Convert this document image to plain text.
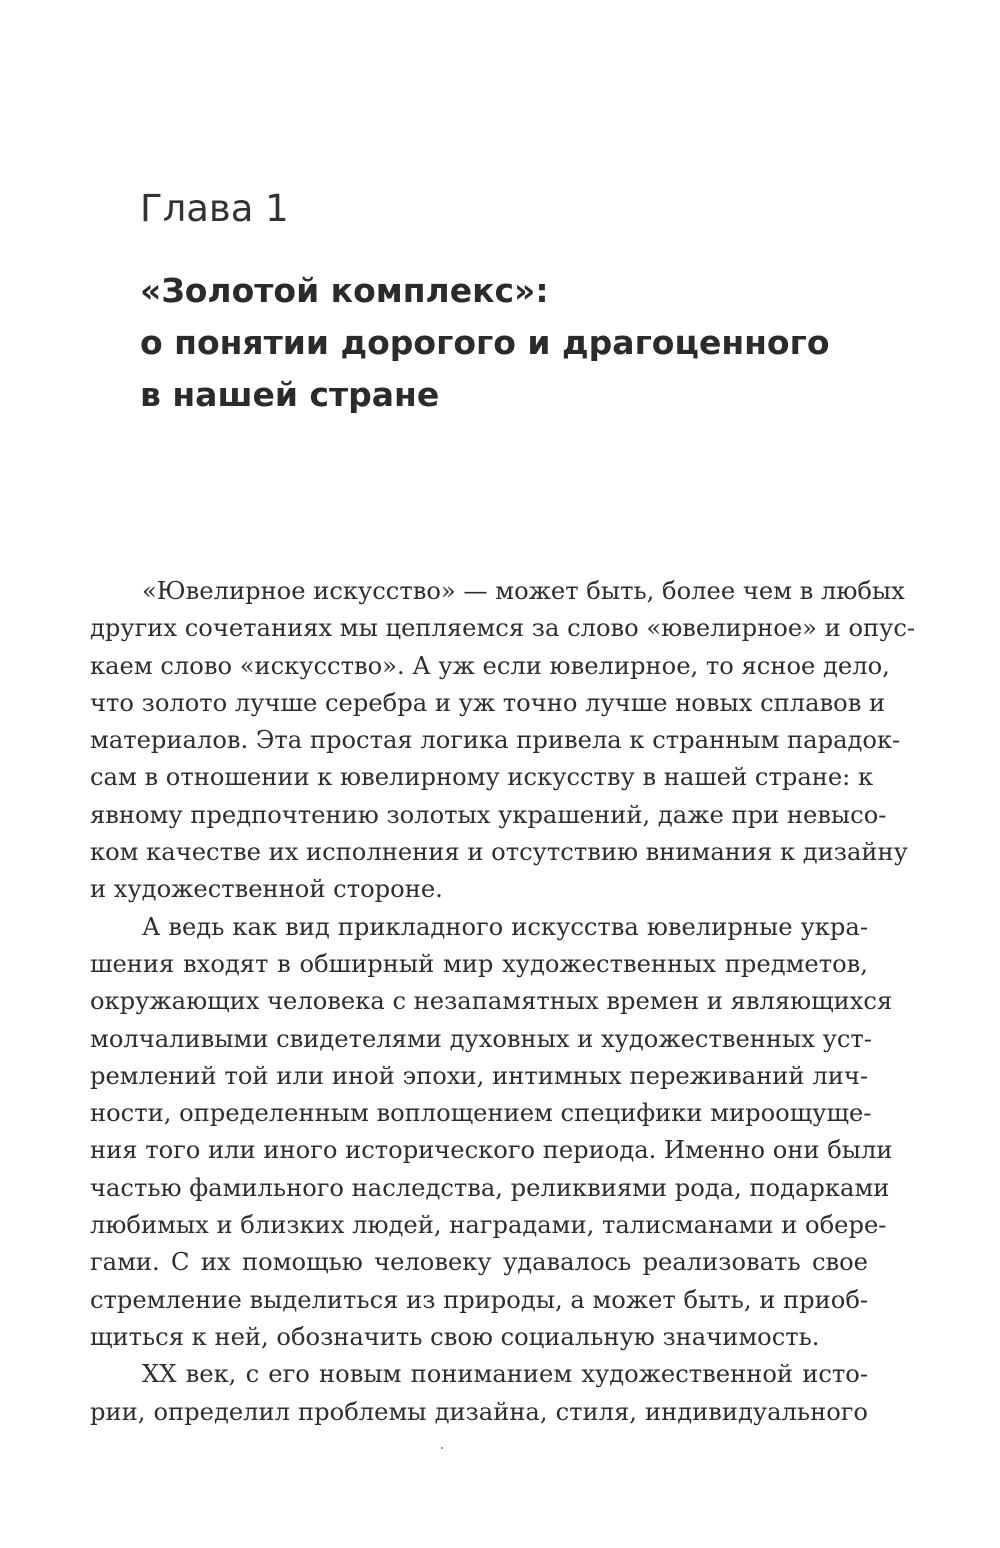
Глава 1
«Золотой комплекс»:
о понятии дорогого и драгоценного
в нашей стране
«Ювелирное искусство» — может быть, более чем в любых
других сочетаниях мы цепляемся за слово «ювелирное» и опус-
каем слово «искусство». А уж если ювелирное, то ясное дело,
что золото лучше серебра и уж точно лучше новых сплавов и
материалов. Эта простая логика привела к странным парадок-
сам в отношении к ювелирному искусству в нашей стране: к
явному предпочтению золотых украшений, даже при невысо-
ком качестве их исполнения и отсутствию внимания к дизайну
и художественной стороне.
А ведь как вид прикладного искусства ювелирные укра-
шения входят в обширный мир художественных предметов,
окружающих человека с незапамятных времен и являющихся
молчаливыми свидетелями духовных и художественных уст-
ремлений той или иной эпохи, интимных переживаний лич-
ности, определенным воплощением специфики мироощуще-
ния того или иного исторического периода. Именно они были
частью фамильного наследства, реликвиями рода, подарками
любимых и близких людей, наградами, талисманами и обере-
гами. С их помощью человеку удавалось реализовать свое
стремление выделиться из природы, а может быть, и приоб-
щиться к ней, обозначить свою социальную значимость.
XX век, с его новым пониманием художественной исто-
рии, определил проблемы дизайна, стиля, индивидуального
